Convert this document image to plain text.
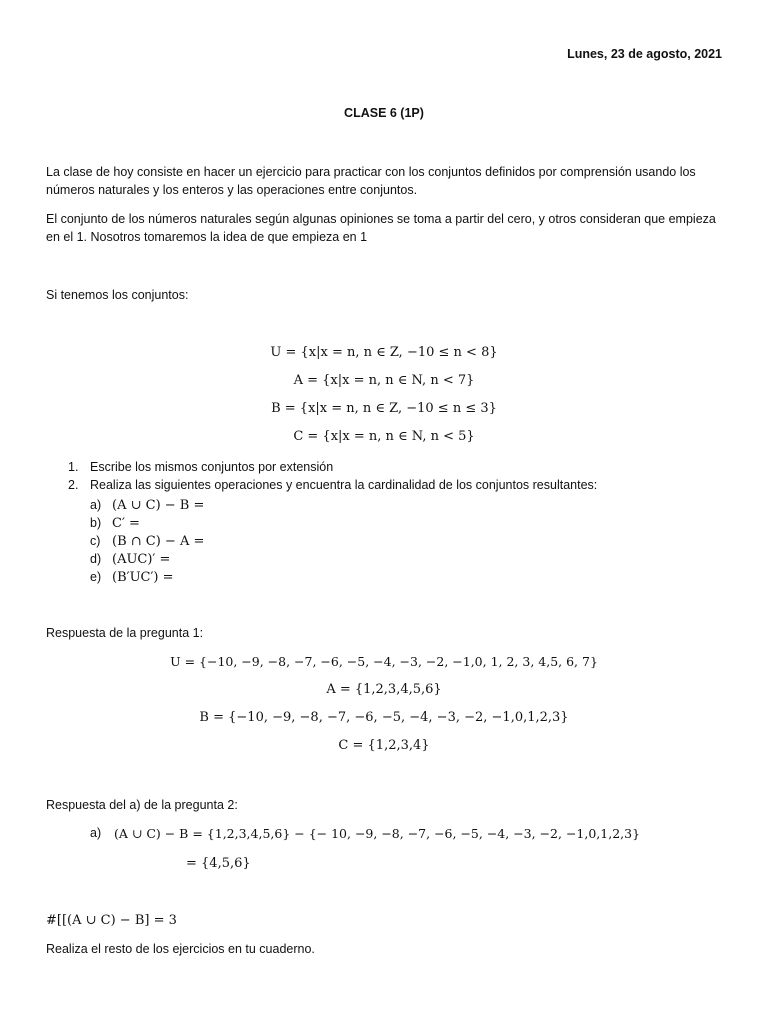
Lunes, 23 de agosto, 2021
CLASE 6 (1P)
La clase de hoy consiste en hacer un ejercicio para practicar con los conjuntos definidos por comprensión usando los números naturales y los enteros y las operaciones entre conjuntos.
El conjunto de los números naturales según algunas opiniones se toma a partir del cero, y otros consideran que empieza en el 1. Nosotros tomaremos la idea de que empieza en 1
Si tenemos los conjuntos:
U = {x|x = n, n ∈ Z, −10 ≤ n < 8}
A = {x|x = n, n ∈ N, n < 7}
B = {x|x = n, n ∈ Z, −10 ≤ n ≤ 3}
C = {x|x = n, n ∈ N, n < 5}
1. Escribe los mismos conjuntos por extensión
2. Realiza las siguientes operaciones y encuentra la cardinalidad de los conjuntos resultantes:
a) (A ∪ C) − B =
b) C′ =
c) (B ∩ C) − A =
d) (AUC)′ =
e) (B′UC′) =
Respuesta de la pregunta 1:
U = {−10, −9, −8, −7, −6, −5, −4, −3, −2, −1,0, 1, 2, 3, 4,5, 6, 7}
A = {1,2,3,4,5,6}
B = {−10, −9, −8, −7, −6, −5, −4, −3, −2, −1,0,1,2,3}
C = {1,2,3,4}
Respuesta del a) de la pregunta 2:
a) (A ∪ C) − B = {1,2,3,4,5,6} − {− 10, −9, −8, −7, −6, −5, −4, −3, −2, −1,0,1,2,3}
= {4,5,6}
#[[(A ∪ C) − B] = 3
Realiza el resto de los ejercicios en tu cuaderno.
